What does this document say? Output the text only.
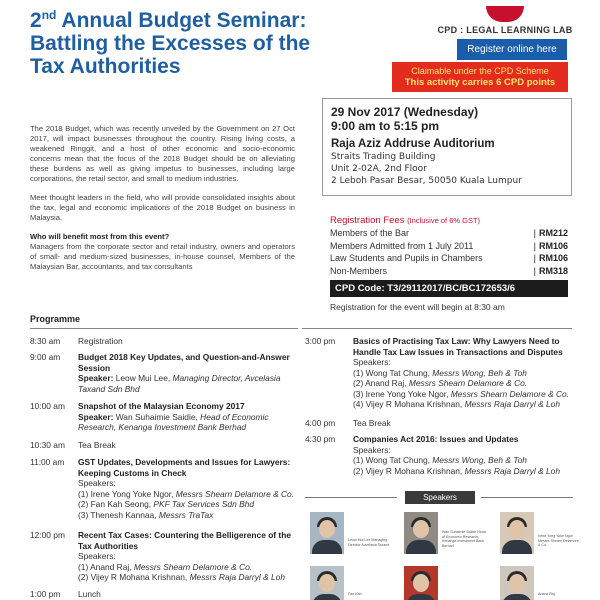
2nd Annual Budget Seminar: Battling the Excesses of the Tax Authorities
CPD : LEGAL LEARNING LAB
Register online here
Claimable under the CPD Scheme
This activity carries 6 CPD points

The 2018 Budget, which was recently unveiled by the Government on 27 Oct 2017, will impact businesses throughout the country. Rising living costs, a weakened Ringgit, and a host of other economic and socio-economic concerns mean that the focus of the 2018 Budget should be on alleviating these burdens as well as giving impetus to businesses, including large corporations, the retail sector, and small to medium industries.

Meet thought leaders in the field, who will provide consolidated insights about the tax, legal and economic implications of the 2018 Budget on business in Malaysia.

Who will benefit most from this event?

Managers from the corporate sector and retail industry, owners and operators of small- and medium-sized businesses, in-house counsel, Members of the Malaysian Bar, accountants, and tax consultants

29 Nov 2017 (Wednesday)
9:00 am to 5:15 pm
Raja Aziz Addruse Auditorium
Straits Trading Building
Unit 2-02A, 2nd Floor
2 Leboh Pasar Besar, 50050 Kuala Lumpur
Registration Fees (Inclusive of 6% GST)
Members of the Bar	| RM212
Members Admitted from 1 July 2011	| RM106
Law Students and Pupils in Chambers	| RM106
Non-Members	| RM318
CPD Code: T3/29112017/BC/BC172653/6
Registration for the event will begin at 8:30 am
Programme
8:30 am	Registration
9:00 am	Budget 2018 Key Updates, and Question-and-Answer Session
Speaker: Leow Mui Lee, Managing Director, Avcelasia Taxand Sdn Bhd
10:00 am	Snapshot of the Malaysian Economy 2017
Speaker: Wan Suhaimie Saidie, Head of Economic Research, Kenanga Investment Bank Berhad
10:30 am	Tea Break
11:00 am	GST Updates, Developments and Issues for Lawyers: Keeping Customs in Check
Speakers:
(1) Irene Yong Yoke Ngor, Messrs Shearn Delamore & Co.
(2) Fan Kah Seong, PKF Tax Services Sdn Bhd
(3) Thenesh Kannaa, Messrs TraTax
12:00 pm	Recent Tax Cases: Countering the Belligerence of the Tax Authorities
Speakers:
(1) Anand Raj, Messrs Shearn Delamore & Co.
(2) Vijey R Mohana Krishnan, Messrs Raja Darryl & Loh
1:00 pm	Lunch
3:00 pm	Basics of Practising Tax Law: Why Lawyers Need to Handle Tax Law Issues in Transactions and Disputes
Speakers:
(1) Wong Tat Chung, Messrs Wong, Beh & Toh
(2) Anand Raj, Messrs Shearn Delamore & Co.
(3) Irene Yong Yoke Ngor, Messrs Shearn Delamore & Co.
(4) Vijey R Mohana Krishnan, Messrs Raja Darryl & Loh
4:00 pm	Tea Break
4:30 pm	Companies Act 2016: Issues and Updates
Speakers:
(1) Wong Tat Chung, Messrs Wong, Beh & Toh
(2) Vijey R Mohana Krishnan, Messrs Raja Darryl & Loh
Speakers
Leow Mui Lee Managing Director Avcelasia Taxand
Wan Suhaimie Saidie Head of Economic Research, Kenanga Investment Bank Berhad
Irene Yong Yoke Ngor Messrs Shearn Delamore & Co.
Fan Kah	Anand Raj
